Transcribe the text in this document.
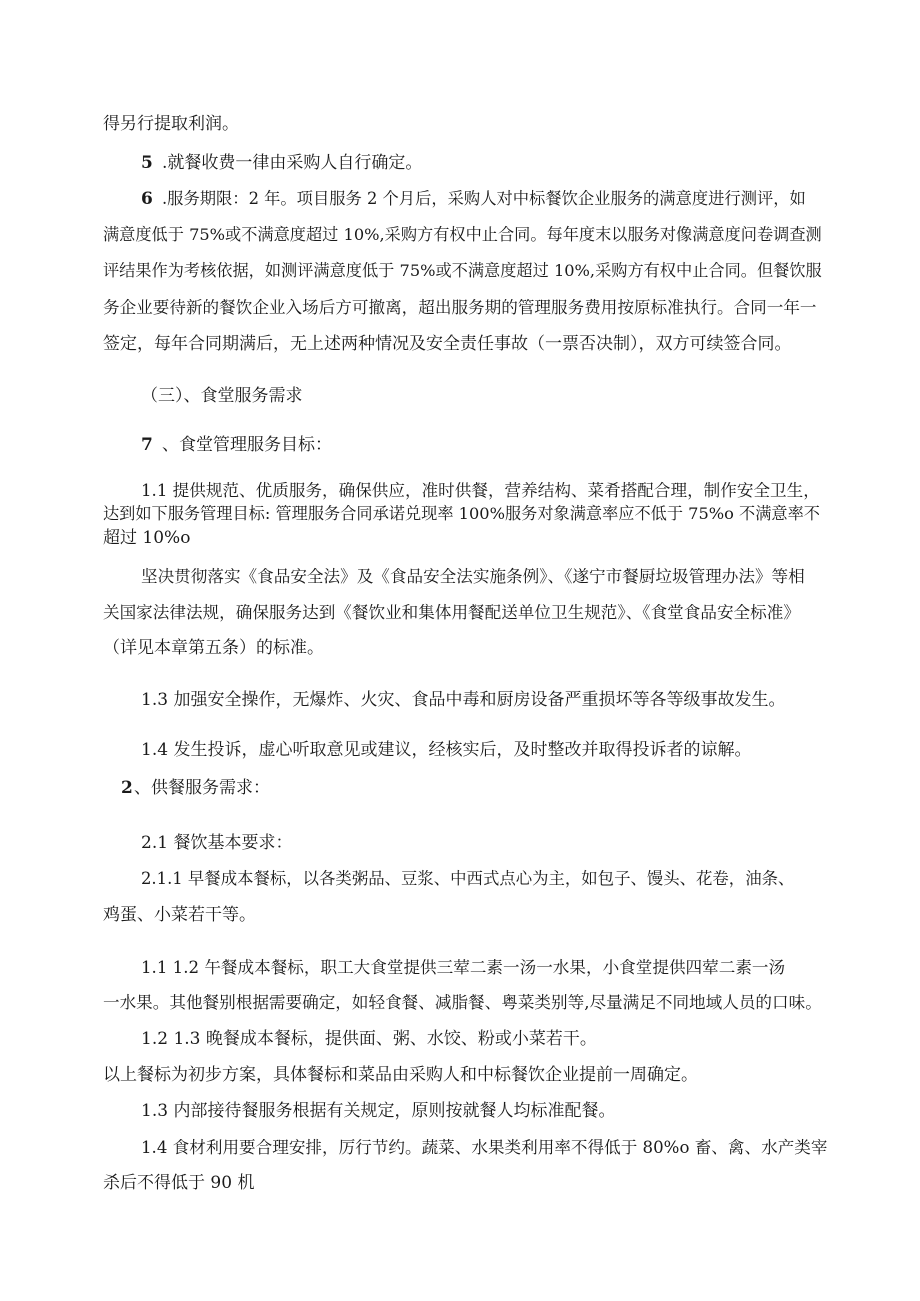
得另行提取利润。
5 .就餐收费一律由采购人自行确定。
6 .服务期限：2 年。项目服务 2 个月后，采购人对中标餐饮企业服务的满意度进行测评，如
满意度低于 75%或不满意度超过 10%,采购方有权中止合同。每年度末以服务对像满意度问卷调查测
评结果作为考核依据，如测评满意度低于 75%或不满意度超过 10%,采购方有权中止合同。但餐饮服
务企业要待新的餐饮企业入场后方可撤离，超出服务期的管理服务费用按原标准执行。合同一年一
签定，每年合同期满后，无上述两种情况及安全责任事故（一票否决制），双方可续签合同。
（三）、食堂服务需求
7 、食堂管理服务目标：
1.1 提供规范、优质服务，确保供应，准时供餐，营养结构、菜肴搭配合理，制作安全卫生，
达到如下服务管理目标: 管理服务合同承诺兑现率 100%服务对象满意率应不低于 75%o 不满意率不
超过 10%o
坚决贯彻落实《食品安全法》及《食品安全法实施条例》、《遂宁市餐厨垃圾管理办法》等相
关国家法律法规，确保服务达到《餐饮业和集体用餐配送单位卫生规范》、《食堂食品安全标准》
（详见本章第五条）的标准。
1.3 加强安全操作，无爆炸、火灾、食品中毒和厨房设备严重损坏等各等级事故发生。
1.4 发生投诉，虚心听取意见或建议，经核实后，及时整改并取得投诉者的谅解。
2 、供餐服务需求：
2.1 餐饮基本要求：
2.1.1 早餐成本餐标，以各类粥品、豆浆、中西式点心为主，如包子、馒头、花卷，油条、
鸡蛋、小菜若干等。
1.1 1.2 午餐成本餐标，职工大食堂提供三荤二素一汤一水果，小食堂提供四荤二素一汤
一水果。其他餐别根据需要确定，如轻食餐、减脂餐、粤菜类别等,尽量满足不同地域人员的口味。
1.2 1.3 晚餐成本餐标，提供面、粥、水饺、粉或小菜若干。
以上餐标为初步方案，具体餐标和菜品由采购人和中标餐饮企业提前一周确定。
1.3 内部接待餐服务根据有关规定，原则按就餐人均标准配餐。
1.4 食材利用要合理安排，厉行节约。蔬菜、水果类利用率不得低于 80%o 畜、禽、水产类宰
杀后不得低于 90 机
